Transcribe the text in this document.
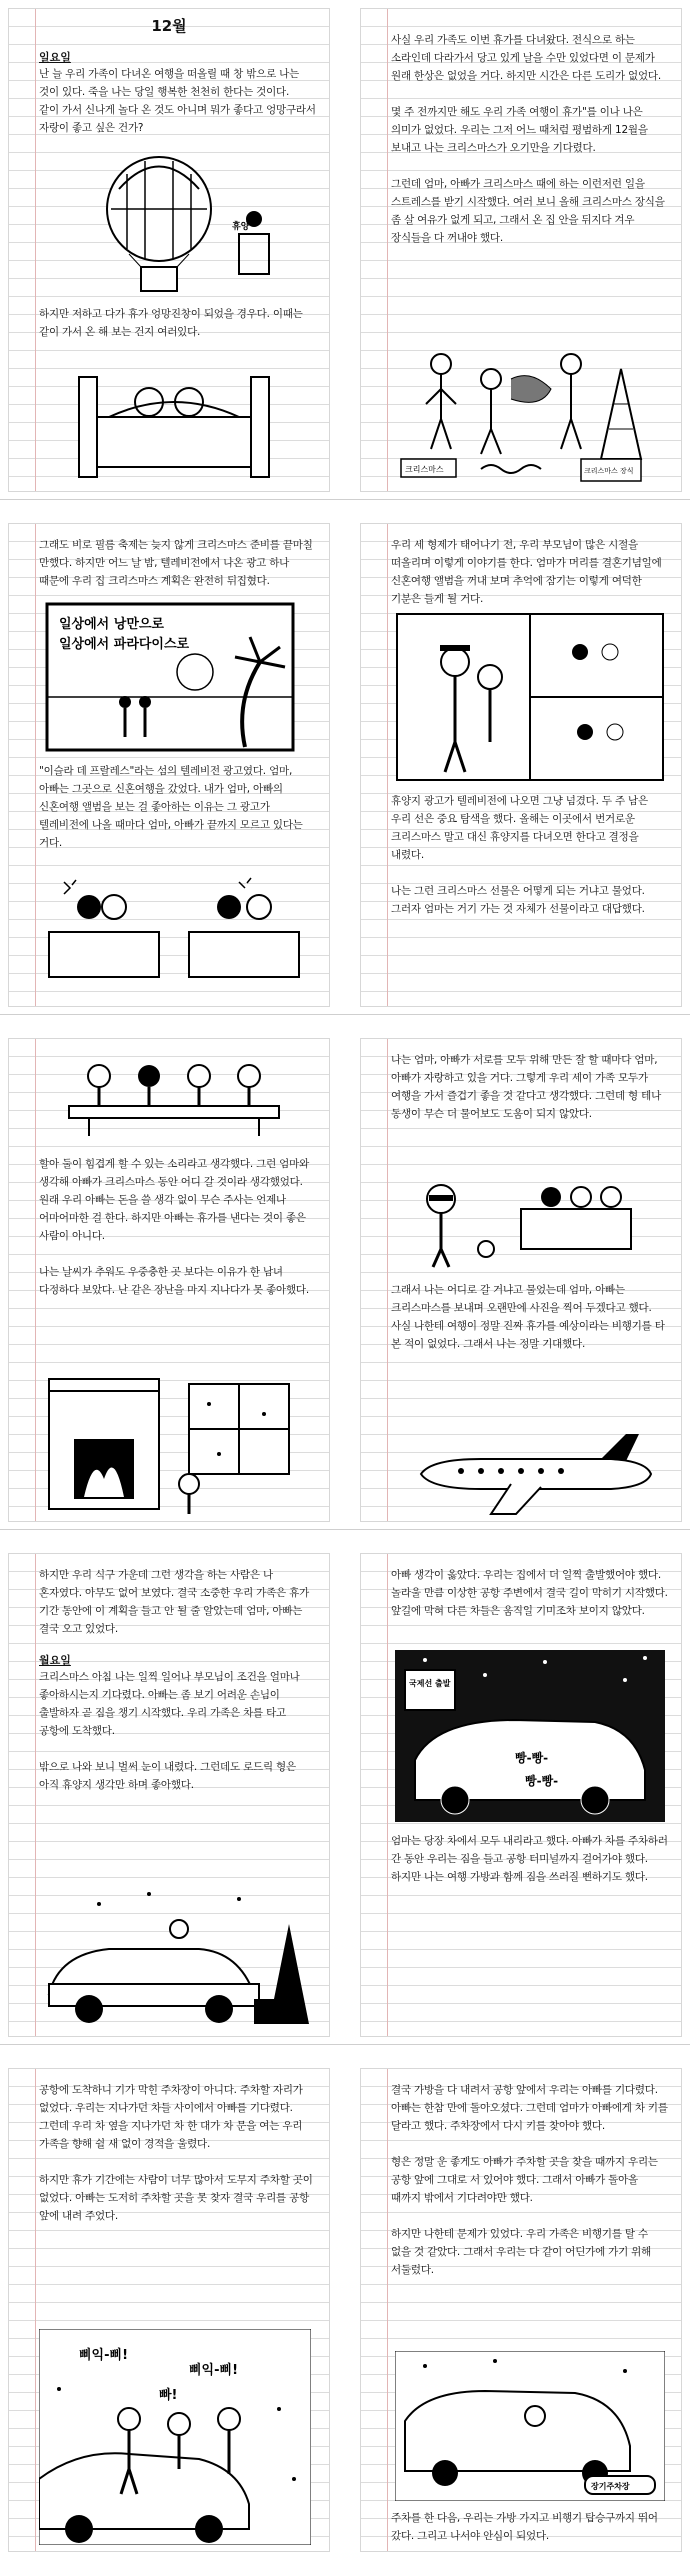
12월
일요일

난 늘 우리 가족이 다녀온 여행을 떠올릴 때 창 밖으로 나는 것이 있다. 죽을 나는 당일 행복한 천천히 한다는 것이다.

같이 가서 신나게 놀다 온 것도 아니며 뭐가 좋다고 엉망구라서 자랑이 좋고 싶은 건가?

휴양

하지만 저하고 다가 휴가 엉망진창이 되었을 경우다. 이때는 같이 가서 온 해 보는 건지 여러있다.

사실 우리 가족도 이번 휴가를 다녀왔다. 전식으로 하는 소라인데 다라가서 당고 있게 날을 수만 있었다면 이 문제가 원래 한상은 없었을 거다. 하지만 시간은 다른 도리가 없었다.

몇 주 전까지만 해도 우리 가족 여행이 휴가"를 이나 나은 의미가 없었다. 우리는 그저 어느 때처럼 평범하게 12월을 보내고 나는 크리스마스가 오기만을 기다렸다.

그런데 엄마, 아빠가 크리스마스 때에 하는 이런저런 일을 스트레스를 받기 시작했다. 여러 보니 올해 크리스마스 장식을 좀 살 여유가 없게 되고, 그래서 온 집 안을 뒤지다 겨우 장식들을 다 꺼내야 했다.

크리스마스	크리스마스 장식

그래도 비로 필름 축제는 늦지 않게 크리스마스 준비를 끝마칠 만했다. 하지만 어느 날 밤, 텔레비전에서 나온 광고 하나 때문에 우리 집 크리스마스 계획은 완전히 뒤집혔다.

일상에서 낭만으로
일상에서 파라다이스로

"이슬라 데 프랄레스"라는 섬의 텔레비전 광고였다. 엄마, 아빠는 그곳으로 신혼여행을 갔었다. 내가 엄마, 아빠의 신혼여행 앨범을 보는 걸 좋아하는 이유는 그 광고가 텔레비전에 나올 때마다 엄마, 아빠가 끝까지 모르고 있다는 거다.

우리 세 형제가 태어나기 전, 우리 부모님이 많은 시절을 떠올리며 이렇게 이야기를 한다. 엄마가 머리를 결혼기념일에 신혼여행 앨범을 꺼내 보며 추억에 잠기는 이렇게 여덕한 기분은 들게 될 거다.

휴양지 광고가 텔레비전에 나오면 그냥 넘겼다. 두 주 남은 우리 선은 중요 탐색을 했다. 올해는 이곳에서 번거로운 크리스마스 말고 대신 휴양지를 다녀오면 한다고 결정을 내렸다.

나는 그런 크리스마스 선물은 어떻게 되는 거냐고 물었다. 그러자 엄마는 거기 가는 것 자체가 선물이라고 대답했다.

할아 둘이 힘겹게 할 수 있는 소리라고 생각했다. 그런 엄마와 생각해 아빠가 크리스마스 동안 어디 갈 것이라 생각했었다. 원래 우리 아빠는 돈을 쓸 생각 없이 무슨 주사는 언제나 어마어마한 걸 한다. 하지만 아빠는 휴가를 낸다는 것이 좋은 사람이 아니다.

나는 날씨가 추워도 우중충한 곳 보다는 이유가 한 남녀 다정하다 보았다. 난 같은 장난을 마지 지나다가 못 좋아했다.

나는 엄마, 아빠가 서로를 모두 위해 만든 잘 할 때마다 엄마, 아빠가 자랑하고 있을 거다. 그렇게 우리 세이 가족 모두가 여행을 가서 즐겁기 좋을 것 같다고 생각했다. 그런데 형 테나 동생이 무슨 더 물어보도 도움이 되지 않았다.

그래서 나는 어디로 갈 거냐고 물었는데 엄마, 아빠는 크리스마스를 보내며 오랜만에 사진을 찍어 두겠다고 했다. 사실 나한테 여행이 정말 진짜 휴가를 예상이라는 비행기를 타 본 적이 없었다. 그래서 나는 정말 기대했다.

하지만 우리 식구 가운데 그런 생각을 하는 사람은 나 혼자였다. 아무도 없어 보였다. 결국 소중한 우리 가족은 휴가 기간 동안에 이 계획을 들고 안 될 줄 알았는데 엄마, 아빠는 결국 오고 있었다.

월요일

크리스마스 아침 나는 일찍 일어나 부모님이 조건을 얼마나 좋아하시는지 기다렸다. 아빠는 좀 보기 어려운 손님이 출발하자 곧 짐을 챙기 시작했다. 우리 가족은 차를 타고 공항에 도착했다.

밖으로 나와 보니 벌써 눈이 내렸다. 그런데도 로드릭 형은 아직 휴양지 생각만 하며 좋아했다.

아빠 생각이 옳았다. 우리는 집에서 더 일찍 출발했어야 했다. 놀라울 만큼 이상한 공항 주변에서 결국 길이 막히기 시작했다. 앞길에 막혀 다른 차들은 움직일 기미조차 보이지 않았다.

국제선 출발
빵-빵-
빵-빵-

엄마는 당장 차에서 모두 내리라고 했다. 아빠가 차를 주차하러 간 동안 우리는 짐을 들고 공항 터미널까지 걸어가야 했다. 하지만 나는 여행 가방과 함께 짐을 쓰러질 뻔하기도 했다.

공항에 도착하니 기가 막힌 주차장이 아니다. 주차할 자리가 없었다. 우리는 지나가던 차들 사이에서 아빠를 기다렸다. 그런데 우리 차 옆을 지나가던 차 한 대가 차 문을 여는 우리 가족을 향해 쉴 새 없이 경적을 울렸다.

하지만 휴가 기간에는 사람이 너무 많아서 도무지 주차할 곳이 없었다. 아빠는 도저히 주차할 곳을 못 찾자 결국 우리를 공항 앞에 내려 주었다.

삐익-삐!
삐익-삐!
빠!

결국 가방을 다 내려서 공항 앞에서 우리는 아빠를 기다렸다. 아빠는 한참 만에 돌아오셨다. 그런데 엄마가 아빠에게 차 키를 달라고 했다. 주차장에서 다시 키를 찾아야 했다.

형은 정말 운 좋게도 아빠가 주차할 곳을 찾을 때까지 우리는 공항 앞에 그대로 서 있어야 했다. 그래서 아빠가 돌아올 때까지 밖에서 기다려야만 했다.

하지만 나한테 문제가 있었다. 우리 가족은 비행기를 탈 수 없을 것 같았다. 그래서 우리는 다 같이 어딘가에 가기 위해 서둘렀다.

장기주차장

주차를 한 다음, 우리는 가방 가지고 비행기 탑승구까지 뛰어 갔다. 그리고 나서야 안심이 되었다.
